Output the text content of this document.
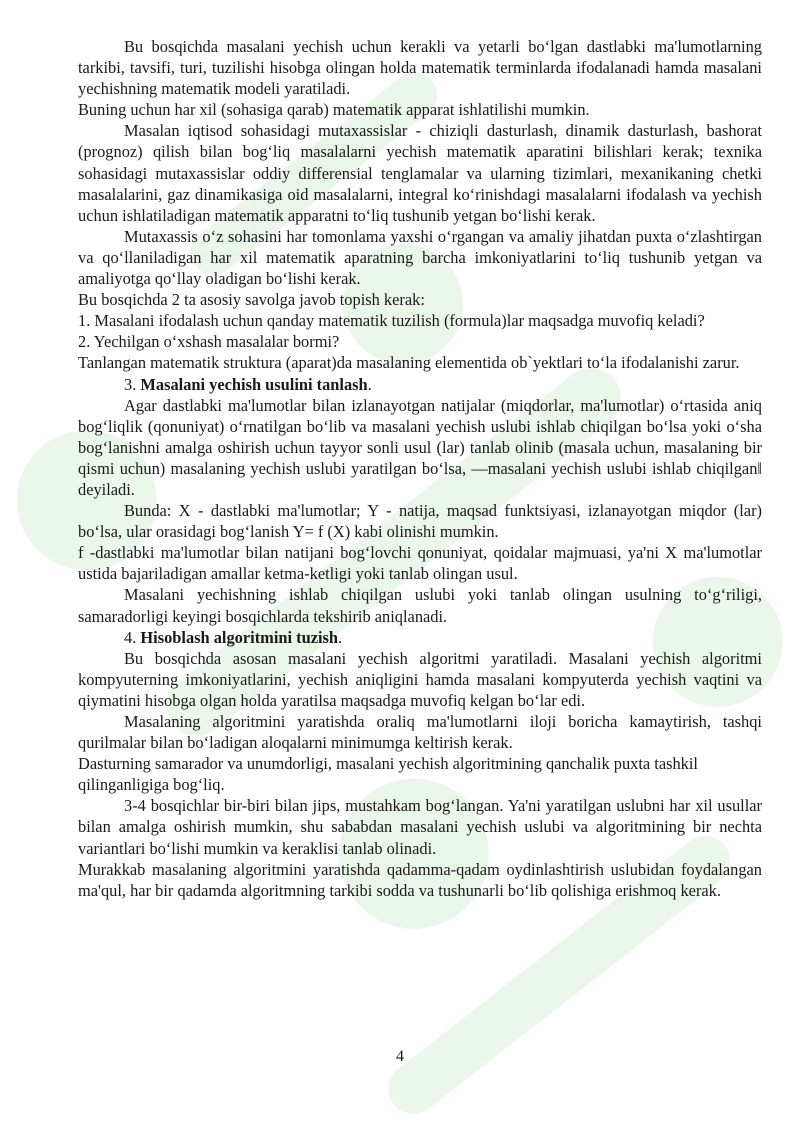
Bu bosqichda masalani yechish uchun kerakli va yetarli bo‘lgan dastlabki ma'lumotlarning tarkibi, tavsifi, turi, tuzilishi hisobga olingan holda matematik terminlarda ifodalanadi hamda masalani yechishning matematik modeli yaratiladi.

Buning uchun har xil (sohasiga qarab) matematik apparat ishlatilishi mumkin.

Masalan iqtisod sohasidagi mutaxassislar - chiziqli dasturlash, dinamik dasturlash, bashorat (prognoz) qilish bilan bog‘liq masalalarni yechish matematik aparatini bilishlari kerak; texnika sohasidagi mutaxassislar oddiy differensial tenglamalar va ularning tizimlari, mexanikaning chetki masalalarini, gaz dinamikasiga oid masalalarni, integral ko‘rinishdagi masalalarni ifodalash va yechish uchun ishlatiladigan matematik apparatni to‘liq tushunib yetgan bo‘lishi kerak.

Mutaxassis o‘z sohasini har tomonlama yaxshi o‘rgangan va amaliy jihatdan puxta o‘zlashtirgan va qo‘llaniladigan har xil matematik aparatning barcha imkoniyatlarini to‘liq tushunib yetgan va amaliyotga qo‘llay oladigan bo‘lishi kerak.

Bu bosqichda 2 ta asosiy savolga javob topish kerak:

1. Masalani ifodalash uchun qanday matematik tuzilish (formula)lar maqsadga muvofiq keladi?

2. Yechilgan o‘xshash masalalar bormi?

Tanlangan matematik struktura (aparat)da masalaning elementida ob`yektlari to‘la ifodalanishi zarur.

3. Masalani yechish usulini tanlash.

Agar dastlabki ma'lumotlar bilan izlanayotgan natijalar (miqdorlar, ma'lumotlar) o‘rtasida aniq bog‘liqlik (qonuniyat) o‘rnatilgan bo‘lib va masalani yechish uslubi ishlab chiqilgan bo‘lsa yoki o‘sha bog‘lanishni amalga oshirish uchun tayyor sonli usul (lar) tanlab olinib (masala uchun, masalaning bir qismi uchun) masalaning yechish uslubi yaratilgan bo‘lsa, ―masalani yechish uslubi ishlab chiqilganǁ deyiladi.

Bunda: X - dastlabki ma'lumotlar; Y - natija, maqsad funktsiyasi, izlanayotgan miqdor (lar) bo‘lsa, ular orasidagi bog‘lanish Y= f (X) kabi olinishi mumkin.

f -dastlabki ma'lumotlar bilan natijani bog‘lovchi qonuniyat, qoidalar majmuasi, ya'ni X ma'lumotlar ustida bajariladigan amallar ketma-ketligi yoki tanlab olingan usul.

Masalani yechishning ishlab chiqilgan uslubi yoki tanlab olingan usulning to‘g‘riligi, samaradorligi keyingi bosqichlarda tekshirib aniqlanadi.

4. Hisoblash algoritmini tuzish.

Bu bosqichda asosan masalani yechish algoritmi yaratiladi. Masalani yechish algoritmi kompyuterning imkoniyatlarini, yechish aniqligini hamda masalani kompyuterda yechish vaqtini va qiymatini hisobga olgan holda yaratilsa maqsadga muvofiq kelgan bo‘lar edi.

Masalaning algoritmini yaratishda oraliq ma'lumotlarni iloji boricha kamaytirish, tashqi qurilmalar bilan bo‘ladigan aloqalarni minimumga keltirish kerak.

Dasturning samarador va unumdorligi, masalani yechish algoritmining qanchalik puxta tashkil qilinganligiga bog‘liq.

3-4 bosqichlar bir-biri bilan jips, mustahkam bog‘langan. Ya'ni yaratilgan uslubni har xil usullar bilan amalga oshirish mumkin, shu sababdan masalani yechish uslubi va algoritmining bir nechta variantlari bo‘lishi mumkin va keraklisi tanlab olinadi.

Murakkab masalaning algoritmini yaratishda qadamma-qadam oydinlashtirish uslubidan foydalangan ma'qul, har bir qadamda algoritmning tarkibi sodda va tushunarli bo‘lib qolishiga erishmoq kerak.

4
